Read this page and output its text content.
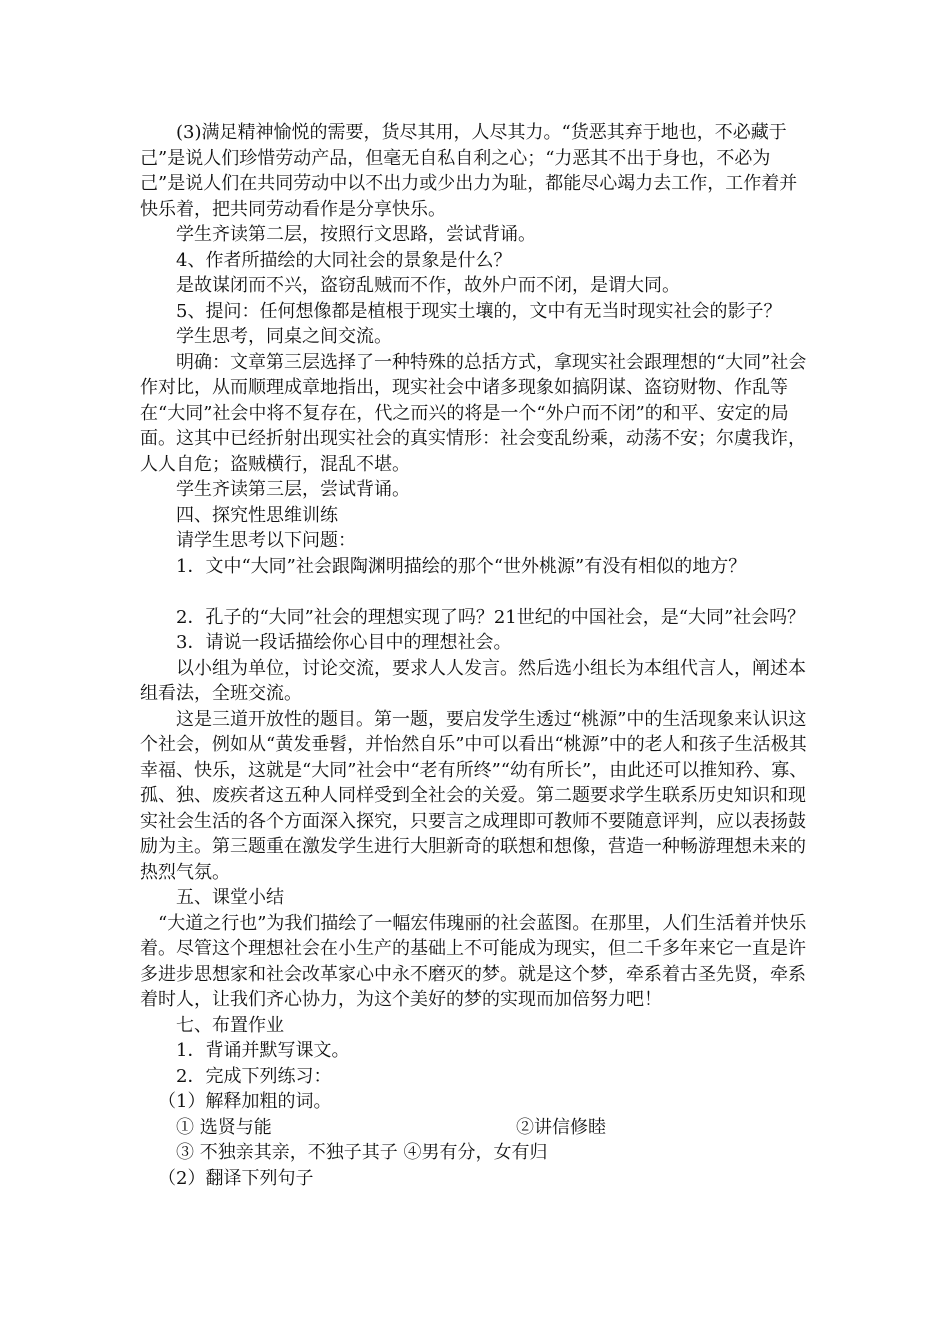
(3)满足精神愉悦的需要，货尽其用，人尽其力。“货恶其弃于地也，不必藏于己”是说人们珍惜劳动产品，但毫无自私自利之心；“力恶其不出于身也，不必为己”是说人们在共同劳动中以不出力或少出力为耻，都能尽心竭力去工作，工作着并快乐着，把共同劳动看作是分享快乐。

学生齐读第二层，按照行文思路，尝试背诵。

4、作者所描绘的大同社会的景象是什么？

是故谋闭而不兴，盗窃乱贼而不作，故外户而不闭，是谓大同。

5、提问：任何想像都是植根于现实土壤的，文中有无当时现实社会的影子？

学生思考，同桌之间交流。

明确：文章第三层选择了一种特殊的总括方式，拿现实社会跟理想的“大同”社会作对比，从而顺理成章地指出，现实社会中诸多现象如搞阴谋、盗窃财物、作乱等在“大同”社会中将不复存在，代之而兴的将是一个“外户而不闭”的和平、安定的局面。这其中已经折射出现实社会的真实情形：社会变乱纷乘，动荡不安；尔虞我诈，人人自危；盗贼横行，混乱不堪。

学生齐读第三层，尝试背诵。

四、探究性思维训练

请学生思考以下问题：

1．文中“大同”社会跟陶渊明描绘的那个“世外桃源”有没有相似的地方？

2．孔子的“大同”社会的理想实现了吗？21世纪的中国社会，是“大同”社会吗？

3．请说一段话描绘你心目中的理想社会。

以小组为单位，讨论交流，要求人人发言。然后选小组长为本组代言人，阐述本组看法，全班交流。

这是三道开放性的题目。第一题，要启发学生透过“桃源”中的生活现象来认识这个社会，例如从“黄发垂髫，并怡然自乐”中可以看出“桃源”中的老人和孩子生活极其幸福、快乐，这就是“大同”社会中“老有所终”“幼有所长”，由此还可以推知矜、寡、孤、独、废疾者这五种人同样受到全社会的关爱。第二题要求学生联系历史知识和现实社会生活的各个方面深入探究，只要言之成理即可教师不要随意评判，应以表扬鼓励为主。第三题重在激发学生进行大胆新奇的联想和想像，营造一种畅游理想未来的热烈气氛。

五、课堂小结

“大道之行也”为我们描绘了一幅宏伟瑰丽的社会蓝图。在那里，人们生活着并快乐着。尽管这个理想社会在小生产的基础上不可能成为现实，但二千多年来它一直是许多进步思想家和社会改革家心中永不磨灭的梦。就是这个梦，牵系着古圣先贤，牵系着时人，让我们齐心协力，为这个美好的梦的实现而加倍努力吧！

七、布置作业

1．背诵并默写课文。

2．完成下列练习：

（1）解释加粗的词。

① 选贤与能	②讲信修睦
③ 不独亲其亲，不独子其子 ④男有分，女有归

（2）翻译下列句子
